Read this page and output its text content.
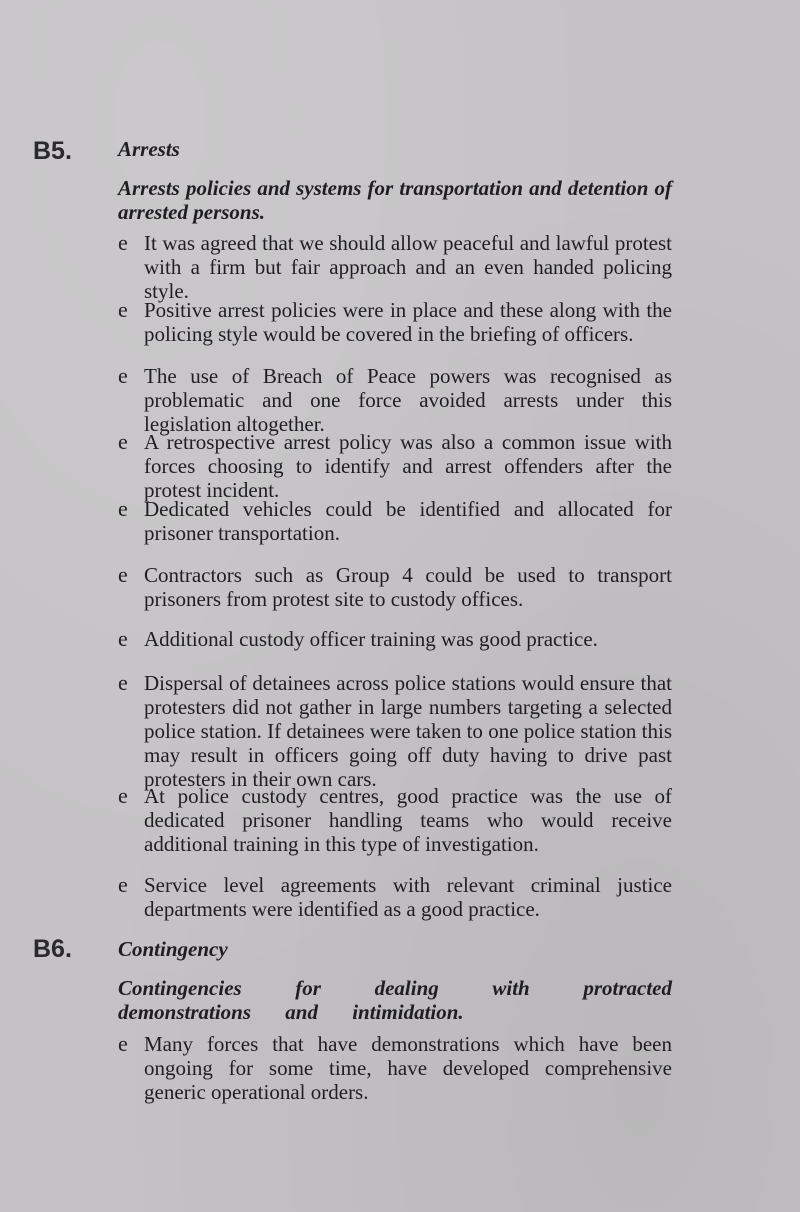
B5. Arrests
Arrests policies and systems for transportation and detention of arrested persons.
e It was agreed that we should allow peaceful and lawful protest with a firm but fair approach and an even handed policing style.
e Positive arrest policies were in place and these along with the policing style would be covered in the briefing of officers.
e The use of Breach of Peace powers was recognised as problematic and one force avoided arrests under this legislation altogether.
e A retrospective arrest policy was also a common issue with forces choosing to identify and arrest offenders after the protest incident.
e Dedicated vehicles could be identified and allocated for prisoner transportation.
e Contractors such as Group 4 could be used to transport prisoners from protest site to custody offices.
e Additional custody officer training was good practice.
e Dispersal of detainees across police stations would ensure that protesters did not gather in large numbers targeting a selected police station. If detainees were taken to one police station this may result in officers going off duty having to drive past protesters in their own cars.
e At police custody centres, good practice was the use of dedicated prisoner handling teams who would receive additional training in this type of investigation.
e Service level agreements with relevant criminal justice departments were identified as a good practice.
B6. Contingency
Contingencies for dealing with protracted demonstrations and intimidation.
e Many forces that have demonstrations which have been ongoing for some time, have developed comprehensive generic operational orders.
